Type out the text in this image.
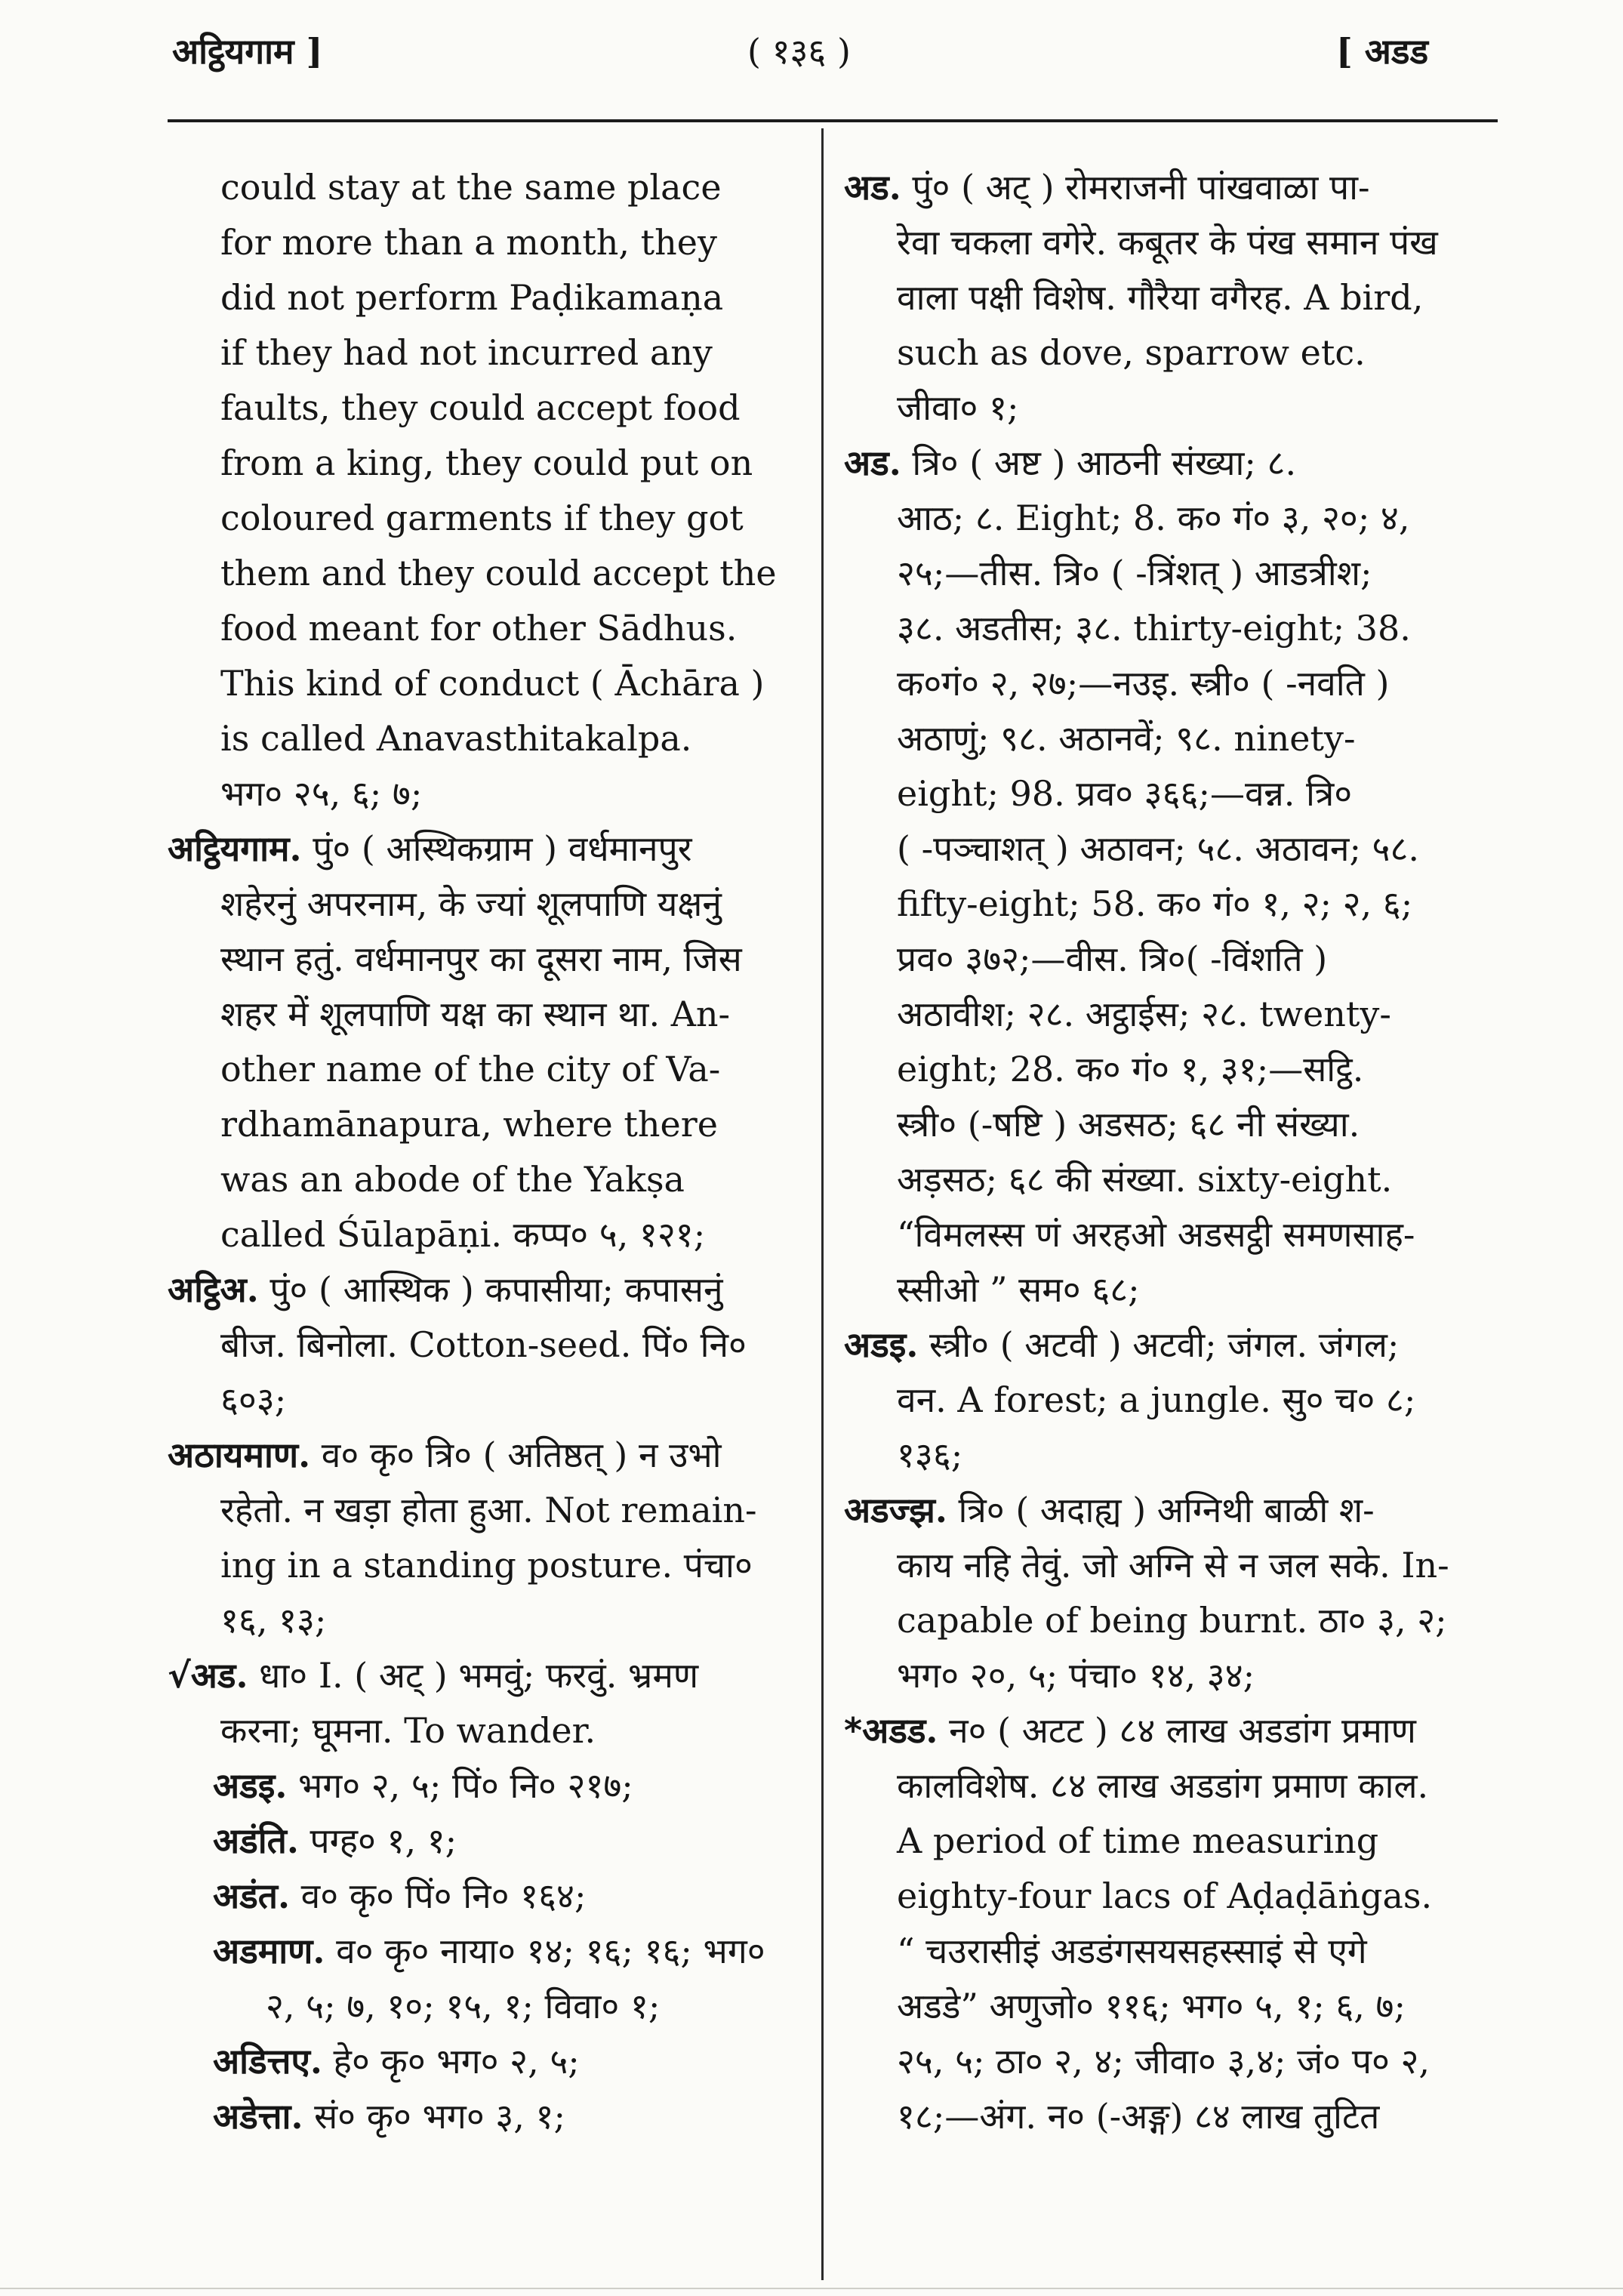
अट्ठियगाम ]	( १३६ )	[ अडड

could stay at the same place
for more than a month, they
did not perform Paḍikamaṇa
if they had not incurred any
faults, they could accept food
from a king, they could put on
coloured garments if they got
them and they could accept the
food meant for other Sādhus.
This kind of conduct ( Āchāra )
is called Anavasthitakalpa.
भग० २५, ६; ७;

अट्ठियगाम. पुं० ( अस्थिकग्राम ) वर्धमानपुर
शहेरनुं अपरनाम, के ज्यां शूलपाणि यक्षनुं
स्थान हतुं. वर्धमानपुर का दूसरा नाम, जिस
शहर में शूलपाणि यक्ष का स्थान था. An-
other name of the city of Va-
rdhamānapura, where there
was an abode of the Yakṣa
called Śūlapāṇi. कप्प० ५, १२१;

अट्ठिअ. पुं० ( आस्थिक ) कपासीया; कपासनुं
बीज. बिनोला. Cotton-seed. पिं० नि०
६०३;

अठायमाण. व० कृ० त्रि० ( अतिष्ठत् ) न उभो
रहेतो. न खड़ा होता हुआ. Not remain-
ing in a standing posture. पंचा०
१६, १३;

√अड. धा० I. ( अट् ) भमवुं; फरवुं. भ्रमण
करना; घूमना. To wander.

अडइ. भग० २, ५; पिं० नि० २१७;

अडंति. पग्ह० १, १;

अडंत. व० कृ० पिं० नि० १६४;

अडमाण. व० कृ० नाया० १४; १६; १६; भग०
२, ५; ७, १०; १५, १; विवा० १;

अडित्तए. हे० कृ० भग० २, ५;

अडेत्ता. सं० कृ० भग० ३, १;

अड. पुं० ( अट् ) रोमराजनी पांखवाळा पा-
रेवा चकला वगेरे. कबूतर के पंख समान पंख
वाला पक्षी विशेष. गौरैया वगैरह. A bird,
such as dove, sparrow etc.
जीवा० १;

अड. त्रि० ( अष्ट ) आठनी संख्या; ८.
आठ; ८. Eight; 8. क० गं० ३, २०; ४,
२५;—तीस. त्रि० ( -त्रिंशत् ) आडत्रीश;
३८. अडतीस; ३८. thirty-eight; 38.
क०गं० २, २७;—नउइ. स्त्री० ( -नवति )
अठाणुं; ९८. अठानवें; ९८. ninety-
eight; 98. प्रव० ३६६;—वन्न. त्रि०
( -पञ्चाशत् ) अठावन; ५८. अठावन; ५८.
fifty-eight; 58. क० गं० १, २; २, ६;
प्रव० ३७२;—वीस. त्रि०( -विंशति )
अठावीश; २८. अट्ठाईस; २८. twenty-
eight; 28. क० गं० १, ३१;—सट्ठि.
स्त्री० (-षष्टि ) अडसठ; ६८ नी संख्या.
अड़सठ; ६८ की संख्या. sixty-eight.
“विमलस्स णं अरहओ अडसट्ठी समणसाह-
स्सीओ ” सम० ६८;

अडइ. स्त्री० ( अटवी ) अटवी; जंगल. जंगल;
वन. A forest; a jungle. सु० च० ८;
१३६;

अडज्झ. त्रि० ( अदाह्य ) अग्निथी बाळी श-
काय नहि तेवुं. जो अग्नि से न जल सके. In-
capable of being burnt. ठा० ३, २;
भग० २०, ५; पंचा० १४, ३४;

*अडड. न० ( अटट ) ८४ लाख अडडांग प्रमाण
कालविशेष. ८४ लाख अडडांग प्रमाण काल.
A period of time measuring
eighty-four lacs of Aḍaḍāṅgas.
“ चउरासीइं अडडंगसयसहस्साइं से एगे
अडडे” अणुजो० ११६; भग० ५, १; ६, ७;
२५, ५; ठा० २, ४; जीवा० ३,४; जं० प० २,
१८;—अंग. न० (-अङ्ग) ८४ लाख तुटित
